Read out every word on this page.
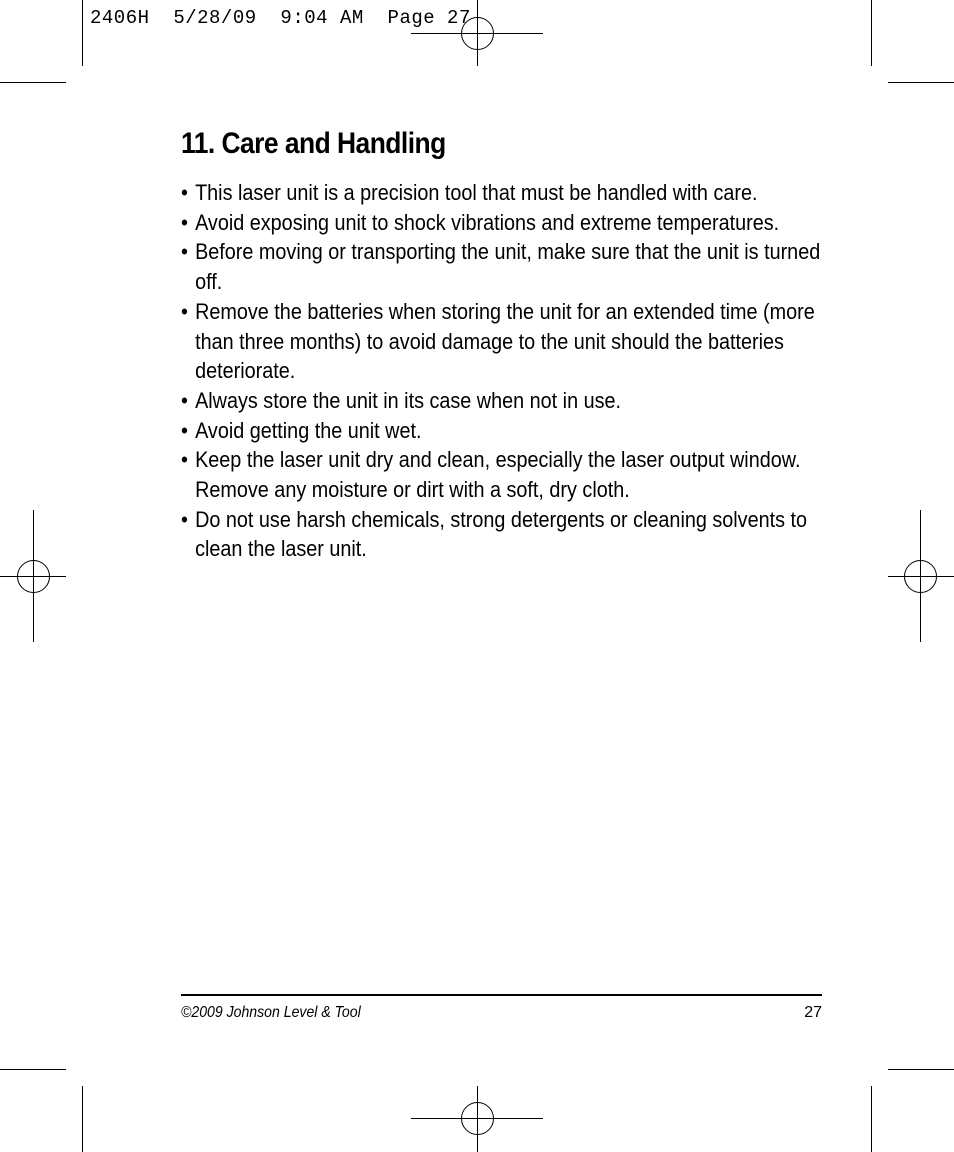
2406H  5/28/09  9:04 AM  Page 27
11. Care and Handling
• This laser unit is a precision tool that must be handled with care.
• Avoid exposing unit to shock vibrations and extreme temperatures.
• Before moving or transporting the unit, make sure that the unit is turned off.
• Remove the batteries when storing the unit for an extended time (more than three months) to avoid damage to the unit should the batteries deteriorate.
• Always store the unit in its case when not in use.
• Avoid getting the unit wet.
• Keep the laser unit dry and clean, especially the laser output window. Remove any moisture or dirt with a soft, dry cloth.
• Do not use harsh chemicals, strong detergents or cleaning solvents to clean the laser unit.
©2009 Johnson Level & Tool	27
